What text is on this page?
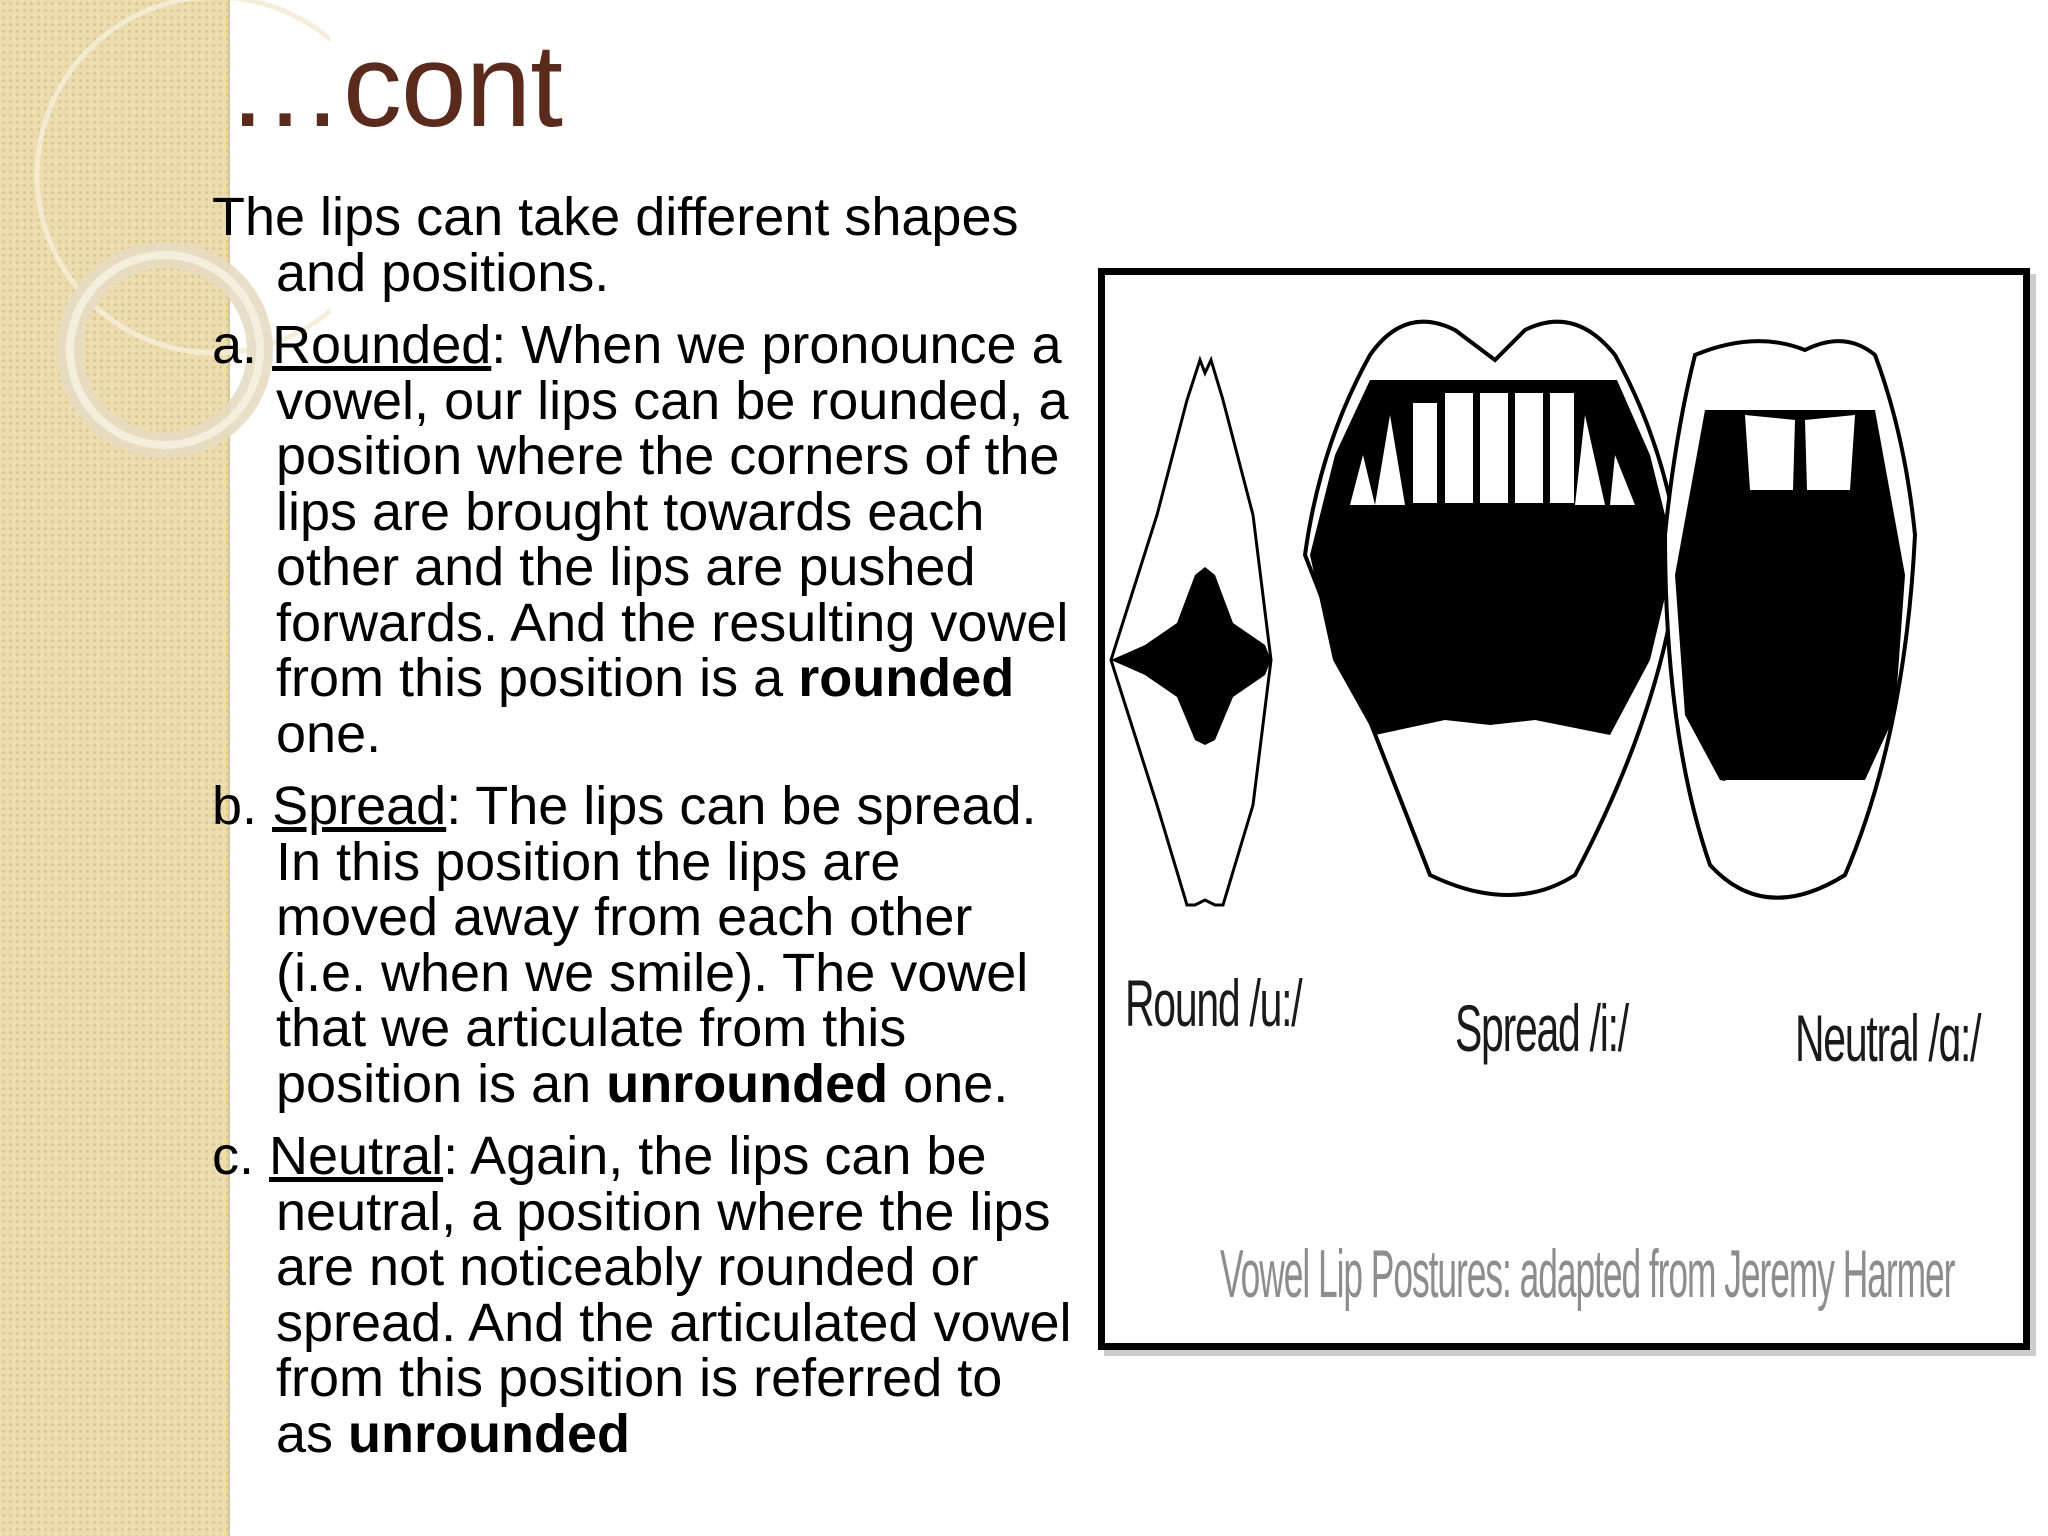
…cont

The lips can take different shapes and positions.

a. Rounded: When we pronounce a vowel, our lips can be rounded, a position where the corners of the lips are brought towards each other and the lips are pushed forwards. And the resulting vowel from this position is a rounded one.

b. Spread: The lips can be spread. In this position the lips are moved away from each other (i.e. when we smile). The vowel that we articulate from this position is an unrounded one.

c. Neutral: Again, the lips can be neutral, a position where the lips are not noticeably rounded or spread. And the articulated vowel from this position is referred to as unrounded

Round /u:/ Spread /i:/	Neutral /ɑ:/
Vowel Lip Postures: adapted from Jeremy Harmer
